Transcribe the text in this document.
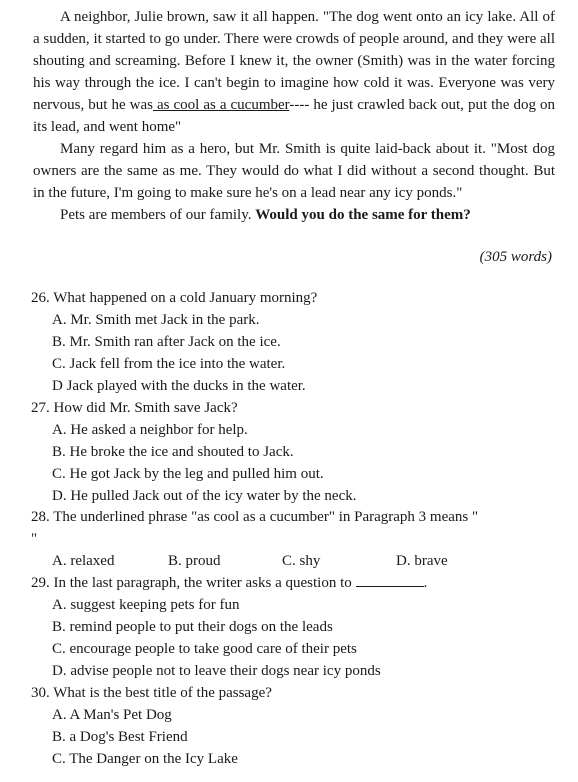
A neighbor, Julie brown, saw it all happen. "The dog went onto an icy lake. All of a sudden, it started to go under. There were crowds of people around, and they were all shouting and screaming. Before I knew it, the owner (Smith) was in the water forcing his way through the ice. I can't begin to imagine how cold it was. Everyone was very nervous, but he was as cool as a cucumber---- he just crawled back out, put the dog on its lead, and went home"

Many regard him as a hero, but Mr. Smith is quite laid-back about it. "Most dog owners are the same as me. They would do what I did without a second thought. But in the future, I'm going to make sure he's on a lead near any icy ponds."

Pets are members of our family. Would you do the same for them?

(305 words)

26. What happened on a cold January morning?

A. Mr. Smith met Jack in the park.

B. Mr. Smith ran after Jack on the ice.

C. Jack fell from the ice into the water.

D Jack played with the ducks in the water.

27. How did Mr. Smith save Jack?

A. He asked a neighbor for help.

B. He broke the ice and shouted to Jack.

C. He got Jack by the leg and pulled him out.

D. He pulled Jack out of the icy water by the neck.

28. The underlined phrase "as cool as a cucumber" in Paragraph 3 means "
"

A. relaxed	B. proud	C. shy	D. brave

29. In the last paragraph, the writer asks a question to	.

A. suggest keeping pets for fun

B. remind people to put their dogs on the leads

C. encourage people to take good care of their pets

D. advise people not to leave their dogs near icy ponds

30. What is the best title of the passage?

A. A Man's Pet Dog

B. a Dog's Best Friend

C. The Danger on the Icy Lake
